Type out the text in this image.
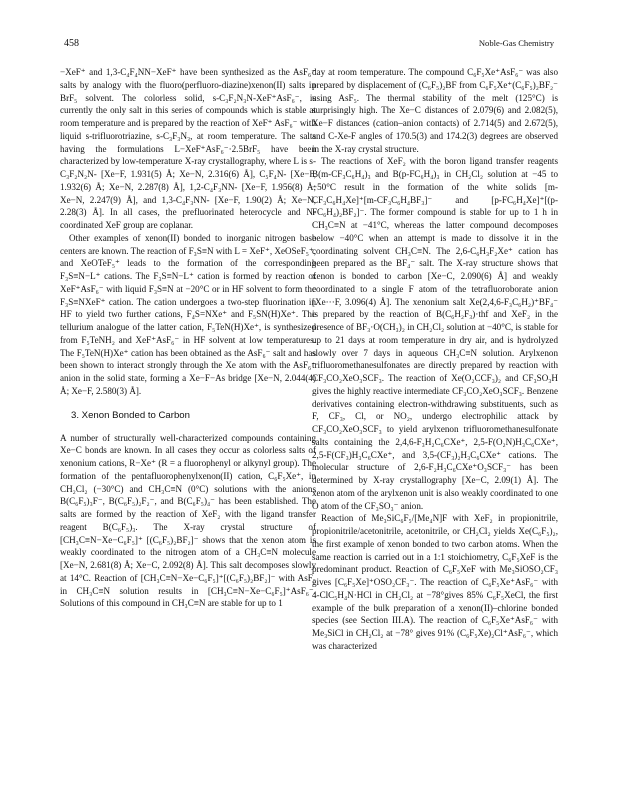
458	Noble-Gas Chemistry

−XeF⁺ and 1,3-C₄F₄NN−XeF⁺ have been synthesized as the AsF₆⁻ salts by analogy with the fluoro(perfluoro-diazine)xenon(II) salts in BrF₅ solvent. The colorless solid, s-C₃F₂N₃N-XeF⁺AsF₆⁻, is currently the only salt in this series of compounds which is stable at room temperature and is prepared by the reaction of XeF⁺ AsF₆⁻ with liquid s-trifluorotriazine, s-C₃F₃N₃, at room temperature. The salts having the formulations L−XeF⁺AsF₆⁻·2.5BrF₅ have been characterized by low-temperature X-ray crystallography, where L is s-C₃F₂N₂N- [Xe−F, 1.931(5) Å; Xe−N, 2.316(6) Å], C₅F₄N- [Xe−F, 1.932(6) Å; Xe−N, 2.287(8) Å], 1,2-C₄F₃NN- [Xe−F, 1.956(8) Å; Xe−N, 2.247(9) Å], and 1,3-C₄F₃NN- [Xe−F, 1.90(2) Å; Xe−N, 2.28(3) Å]. In all cases, the prefluorinated heterocycle and N-coordinated XeF group are coplanar.

Other examples of xenon(II) bonded to inorganic nitrogen base centers are known. The reaction of F₃S≡N with L = XeF⁺, XeOSeF₅⁺, and XeOTeF₅⁺ leads to the formation of the corresponding F₃S≡N−L⁺ cations. The F₃S≡N−L⁺ cation is formed by reaction of XeF⁺AsF₆⁻ with liquid F₃S≡N at −20°C or in HF solvent to form the F₃S≡NXeF⁺ cation. The cation undergoes a two-step fluorination in HF to yield two further cations, F₄S=NXe⁺ and F₅SN(H)Xe⁺. The tellurium analogue of the latter cation, F₅TeN(H)Xe⁺, is synthesized from F₅TeNH₂ and XeF⁺AsF₆⁻ in HF solvent at low temperatures. The F₅TeN(H)Xe⁺ cation has been obtained as the AsF₆⁻ salt and has been shown to interact strongly through the Xe atom with the AsF₆⁻ anion in the solid state, forming a Xe−F−As bridge [Xe−N, 2.044(4) Å; Xe−F, 2.580(3) Å].

3. Xenon Bonded to Carbon

A number of structurally well-characterized compounds containing Xe−C bonds are known. In all cases they occur as colorless salts of xenonium cations, R−Xe⁺ (R = a fluorophenyl or alkynyl group). The formation of the pentafluorophenylxenon(II) cation, C₆F₅Xe⁺, in CH₂Cl₂ (−30°C) and CH₃C≡N (0°C) solutions with the anions B(C₆F₅)₃F⁻, B(C₆F₅)₂F₂⁻, and B(C₆F₅)₄⁻ has been established. The salts are formed by the reaction of XeF₂ with the ligand transfer reagent B(C₆F₅)₃. The X-ray crystal structure of [CH₃C≡N−Xe−C₆F₅]⁺ [(C₆F₅)₂BF₂]⁻ shows that the xenon atom is weakly coordinated to the nitrogen atom of a CH₃C≡N molecule [Xe−N, 2.681(8) Å; Xe−C, 2.092(8) Å]. This salt decomposes slowly at 14°C. Reaction of [CH₃C≡N−Xe−C₆F₅]⁺[(C₆F₅)₂BF₂]⁻ with AsF₅ in CH₃C≡N solution results in [CH₃C≡N−Xe−C₆F₅]⁺AsF₆⁻. Solutions of this compound in CH₃C≡N are stable for up to 1

day at room temperature. The compound C₆F₅Xe⁺AsF₆⁻ was also prepared by displacement of (C₆F₅)₂BF from C₆F₅Xe⁺(C₆F₅)₂BF₂⁻ using AsF₅. The thermal stability of the melt (125°C) is surprisingly high. The Xe−C distances of 2.079(6) and 2.082(5), Xe−F distances (cation–anion contacts) of 2.714(5) and 2.672(5), and C-Xe-F angles of 170.5(3) and 174.2(3) degrees are observed in the X-ray crystal structure.

The reactions of XeF₂ with the boron ligand transfer reagents B(m-CF₃C₆H₄)₃ and B(p-FC₆H₄)₃ in CH₂Cl₂ solution at −45 to −50°C result in the formation of the white solids [m-CF₃C₆H₄Xe]⁺[m-CF₃C₆H₄BF₃]⁻ and [p-FC₆H₄Xe]⁺[(p-FC₆H₄)₂BF₂]⁻. The former compound is stable for up to 1 h in CH₃C≡N at −41°C, whereas the latter compound decomposes below −40°C when an attempt is made to dissolve it in the coordinating solvent CH₃C≡N. The 2,6-C₆H₃F₂Xe⁺ cation has been prepared as the BF₄⁻ salt. The X-ray structure shows that xenon is bonded to carbon [Xe−C, 2.090(6) Å] and weakly coordinated to a single F atom of the tetrafluoroborate anion [Xe···F, 3.096(4) Å]. The xenonium salt Xe(2,4,6-F₃C₆H₂)⁺BF₄⁻ is prepared by the reaction of B(C₆H₂F₃)·thf and XeF₂ in the presence of BF₃·O(CH₃)₂ in CH₂Cl₂ solution at −40°C, is stable for up to 21 days at room temperature in dry air, and is hydrolyzed slowly over 7 days in aqueous CH₃C≡N solution. Arylxenon trifluoromethanesulfonates are directly prepared by reaction with CF₃CO₂XeO₃SCF₃. The reaction of Xe(O₂CCF₃)₂ and CF₃SO₃H gives the highly reactive intermediate CF₃CO₂XeO₃SCF₃. Benzene derivatives containing electron-withdrawing substituents, such as F, CF₃, Cl, or NO₂, undergo electrophilic attack by CF₃CO₂XeO₃SCF₃ to yield arylxenon trifluoromethanesulfonate salts containing the 2,4,6-F₃H₂C₆CXe⁺, 2,5-F(O₂N)H₃C₆CXe⁺, 2,5-F(CF₃)H₃C₆CXe⁺, and 3,5-(CF₃)₂H₃C₆CXe⁺ cations. The molecular structure of 2,6-F₂H₃C₆CXe⁺O₃SCF₃⁻ has been determined by X-ray crystallography [Xe−C, 2.09(1) Å]. The xenon atom of the arylxenon unit is also weakly coordinated to one O atom of the CF₃SO₃⁻ anion.

Reaction of Me₃SiC₆F₅/[Me₄N]F with XeF₂ in propionitrile, propionitrile/acetonitrile, acetonitrile, or CH₂Cl₂ yields Xe(C₆F₅)₂, the first example of xenon bonded to two carbon atoms. When the same reaction is carried out in a 1:1 stoichiometry, C₆F₅XeF is the predominant product. Reaction of C₆F₅XeF with Me₃SiOSO₂CF₃ gives [C₆F₅Xe]⁺OSO₂CF₃⁻. The reaction of C₆F₅Xe⁺AsF₆⁻ with 4-ClC₅H₄N·HCl in CH₂Cl₂ at −78°gives 85% C₆F₅XeCl, the first example of the bulk preparation of a xenon(II)–chlorine bonded species (see Section III.A). The reaction of C₆F₅Xe⁺AsF₆⁻ with Me₃SiCl in CH₂Cl₂ at −78° gives 91% (C₆F₅Xe)₂Cl⁺AsF₆⁻, which was characterized
